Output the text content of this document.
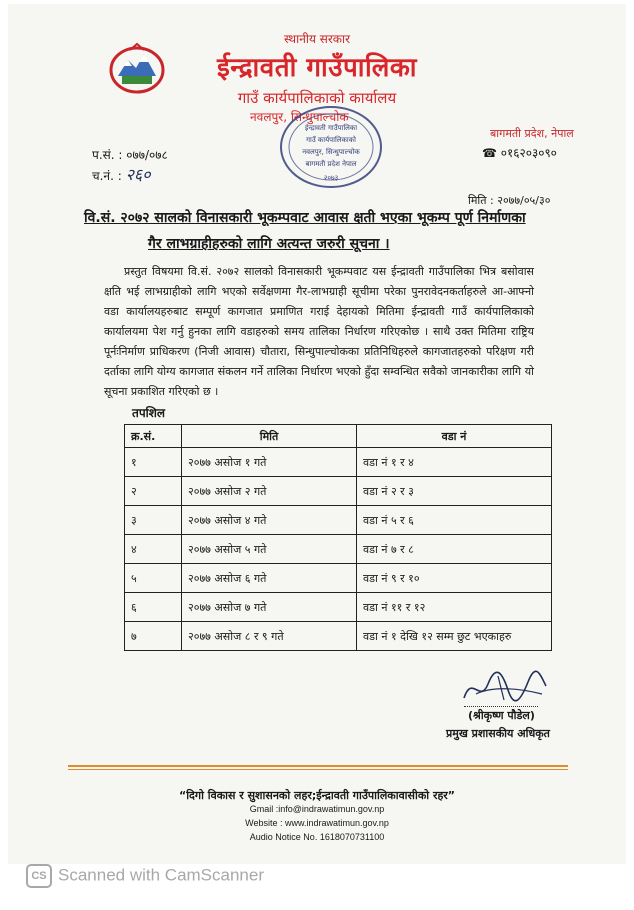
स्थानीय सरकार
ईन्द्रावती गाउँपालिका
गाउँ कार्यपालिकाको कार्यालय
नवलपुर, सिन्धुपाल्चोक
ईन्द्रावती गाउँपालिका
गाउँ कार्यपालिकाको
नवलपुर, सिन्धुपाल्चोक
बागमती प्रदेश नेपाल
२०७३
बागमती प्रदेश, नेपाल
☎ ०१६२०३०९०
प.सं. : ०७७/०७८
च.नं. : २६०
मिति : २०७७/०५/३०
वि.सं. २०७२ सालको विनासकारी भूकम्पवाट आवास क्षती भएका भूकम्प पूर्ण निर्माणका
गैर लाभग्राहीहरुको लागि अत्यन्त जरुरी सूचना ।

प्रस्तुत विषयमा वि.सं. २०७२ सालको विनासकारी भूकम्पवाट यस ईन्द्रावती गाउँपालिका भित्र बसोवास क्षति भई लाभग्राहीको लागि भएको सर्वेक्षणमा गैर-लाभग्राही सूचीमा परेका पुनरावेदनकर्ताहरुले आ-आफ्नो वडा कार्यालयहरुबाट सम्पूर्ण कागजात प्रमाणित गराई देहायको मितिमा ईन्द्रावती गाउँ कार्यपालिकाको कार्यालयमा पेश गर्नु हुनका लागि वडाहरुको समय तालिका निर्धारण गरिएकोछ । साथै उक्त मितिमा राष्ट्रिय पूर्नःनिर्माण प्राधिकरण (निजी आवास) चौतारा, सिन्धुपाल्चोकका प्रतिनिधिहरुले कागजातहरुको परिक्षण गरी दर्ताका लागि योग्य कागजात संकलन गर्ने तालिका निर्धारण भएको हुँदा सम्वन्धित सवैको जानकारीका लागि यो सूचना प्रकाशित गरिएको छ ।

तपशिल
क्र.सं.	मिति	वडा नं
१	२०७७ असोज १ गते	वडा नं १ र ४
२	२०७७ असोज २ गते	वडा नं २ र ३
३	२०७७ असोज ४ गते	वडा नं ५ र ६
४	२०७७ असोज ५ गते	वडा नं ७ र ८
५	२०७७ असोज ६ गते	वडा नं ९ र १०
६	२०७७ असोज ७ गते	वडा नं ११ र १२
७	२०७७ असोज ८ र ९ गते	वडा नं १ देखि १२ सम्म छुट भएकाहरु
(श्रीकृष्ण पौडेल)
प्रमुख प्रशासकीय अधिकृत
“दिगो विकास र सुशासनको लहर;ईन्द्रावती गाउँपालिकावासीको रहर”
Gmail :info@indrawatimun.gov.np
Website : www.indrawatimun.gov.np
Audio Notice No. 1618070731100
CS Scanned with CamScanner
